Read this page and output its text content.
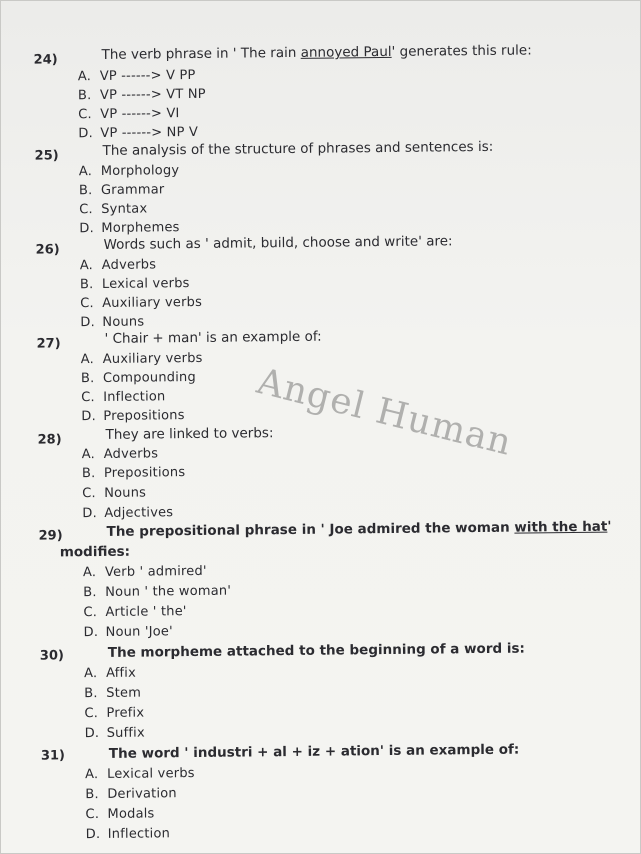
24)	The verb phrase in ' The rain annoyed Paul' generates this rule:
A. VP ------> V PP
B. VP ------> VT NP
C. VP ------> VI
D. VP ------> NP V
25)	The analysis of the structure of phrases and sentences is:
A. Morphology
B. Grammar
C. Syntax
D. Morphemes
26)	Words such as ' admit, build, choose and write' are:
A. Adverbs
B. Lexical verbs
C. Auxiliary verbs
D. Nouns
27)	' Chair + man' is an example of:
A. Auxiliary verbs
B. Compounding
C. Inflection
D. Prepositions
28)	They are linked to verbs:
A. Adverbs
B. Prepositions
C. Nouns
D. Adjectives
29)	The prepositional phrase in ' Joe admired the woman with the hat'
modifies:
A. Verb ' admired'
B. Noun ' the woman'
C. Article ' the'
D. Noun 'Joe'
30)	The morpheme attached to the beginning of a word is:
A. Affix
B. Stem
C. Prefix
D. Suffix
31)	The word ' industri + al + iz + ation' is an example of:
A. Lexical verbs
B. Derivation
C. Modals
D. Inflection
Angel Human
